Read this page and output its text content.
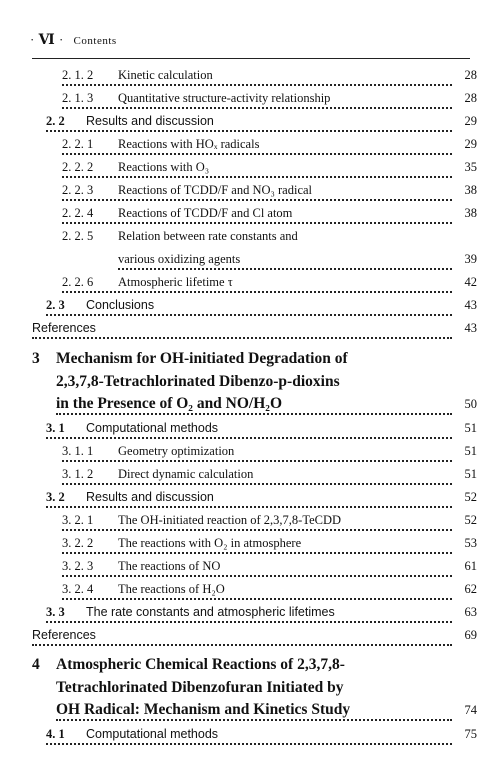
· Ⅵ · Contents
2. 1. 2 Kinetic calculation	28
2. 1. 3 Quantitative structure-activity relationship	28
2. 2 Results and discussion	29
2. 2. 1 Reactions with HOₓ radicals	29
2. 2. 2 Reactions with O₃	35
2. 2. 3 Reactions of TCDD/F and NO₃ radical	38
2. 2. 4 Reactions of TCDD/F and Cl atom	38
2. 2. 5 Relation between rate constants and
various oxidizing agents	39
2. 2. 6 Atmospheric lifetime τ	42
2. 3 Conclusions	43
References	43
3 Mechanism for OH-initiated Degradation of
2,3,7,8-Tetrachlorinated Dibenzo-p-dioxins
in the Presence of O₂ and NO/H₂O	50
3. 1 Computational methods	51
3. 1. 1 Geometry optimization	51
3. 1. 2 Direct dynamic calculation	51
3. 2 Results and discussion	52
3. 2. 1 The OH-initiated reaction of 2,3,7,8-TeCDD	52
3. 2. 2 The reactions with O₂ in atmosphere	53
3. 2. 3 The reactions of NO	61
3. 2. 4 The reactions of H₂O	62
3. 3 The rate constants and atmospheric lifetimes	63
References	69
4 Atmospheric Chemical Reactions of 2,3,7,8-
Tetrachlorinated Dibenzofuran Initiated by
OH Radical: Mechanism and Kinetics Study	74
4. 1 Computational methods	75
